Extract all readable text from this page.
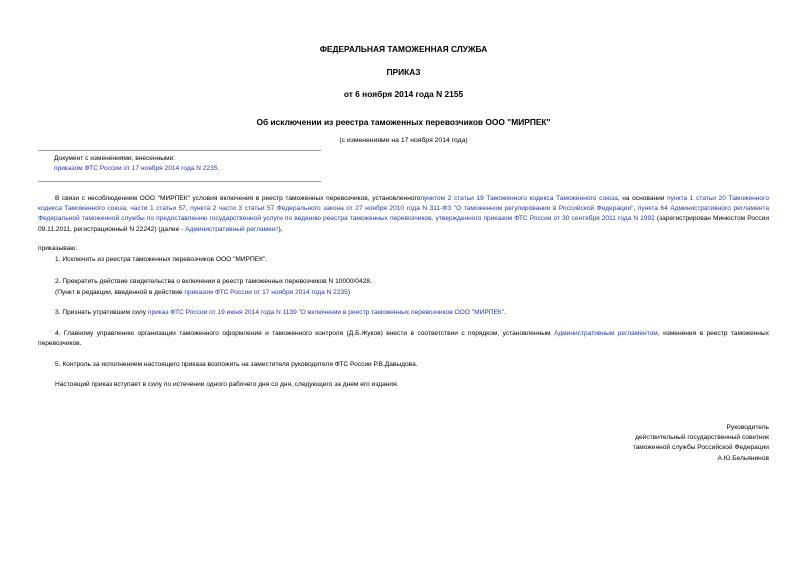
ФЕДЕРАЛЬНАЯ ТАМОЖЕННАЯ СЛУЖБА
ПРИКАЗ
от 6 ноября 2014 года N 2155
Об исключении из реестра таможенных перевозчиков ООО "МИРПЕК"
(с изменениями на 17 ноября 2014 года)
Документ с изменениями, внесенными:
приказом ФТС России от 17 ноября 2014 года N 2235.
В связи с несоблюдением ООО "МИРПЕК" условия включения в реестр таможенных перевозчиков, установленногопунктом 2 статьи 19 Таможенного кодекса Таможенного союза, на основании пункта 1 статьи 20 Таможенного кодекса Таможенного союза, части 1 статьи 57, пункта 2 части 3 статьи 57 Федерального закона от 27 ноября 2010 года N 311-ФЗ "О таможенном регулировании в Российской Федерации", пункта 64 Административного регламента Федеральной таможенной службы по предоставлению государственной услуги по ведению реестра таможенных перевозчиков, утвержденного приказом ФТС России от 30 сентября 2011 года N 1992 (зарегистрирован Минюстом России 09.11.2011, регистрационный N 22242) (далее - Административный регламент),
приказываю:
1. Исключить из реестра таможенных перевозчиков ООО "МИРПЕК".
2. Прекратить действие свидетельства о включении в реестр таможенных перевозчиков N 10000/0428.
(Пункт в редакции, введенной в действие приказом ФТС России от 17 ноября 2014 года N 2235)
3. Признать утратившим силу приказ ФТС России от 19 июня 2014 года N 1139 "О включении в реестр таможенных перевозчиков ООО "МИРПЕК".
4. Главному управлению организации таможенного оформления и таможенного контроля (Д.Б.Жуков) внести в соответствии с порядком, установленным Административным регламентом, изменения в реестр таможенных перевозчиков.
5. Контроль за исполнением настоящего приказа возложить на заместителя руководителя ФТС России Р.В.Давыдова.
Настоящий приказ вступает в силу по истечении одного рабочего дня со дня, следующего за днем его издания.
Руководитель
действительный государственный советник
таможенной службы Российской Федерации
А.Ю.Бельянинов
